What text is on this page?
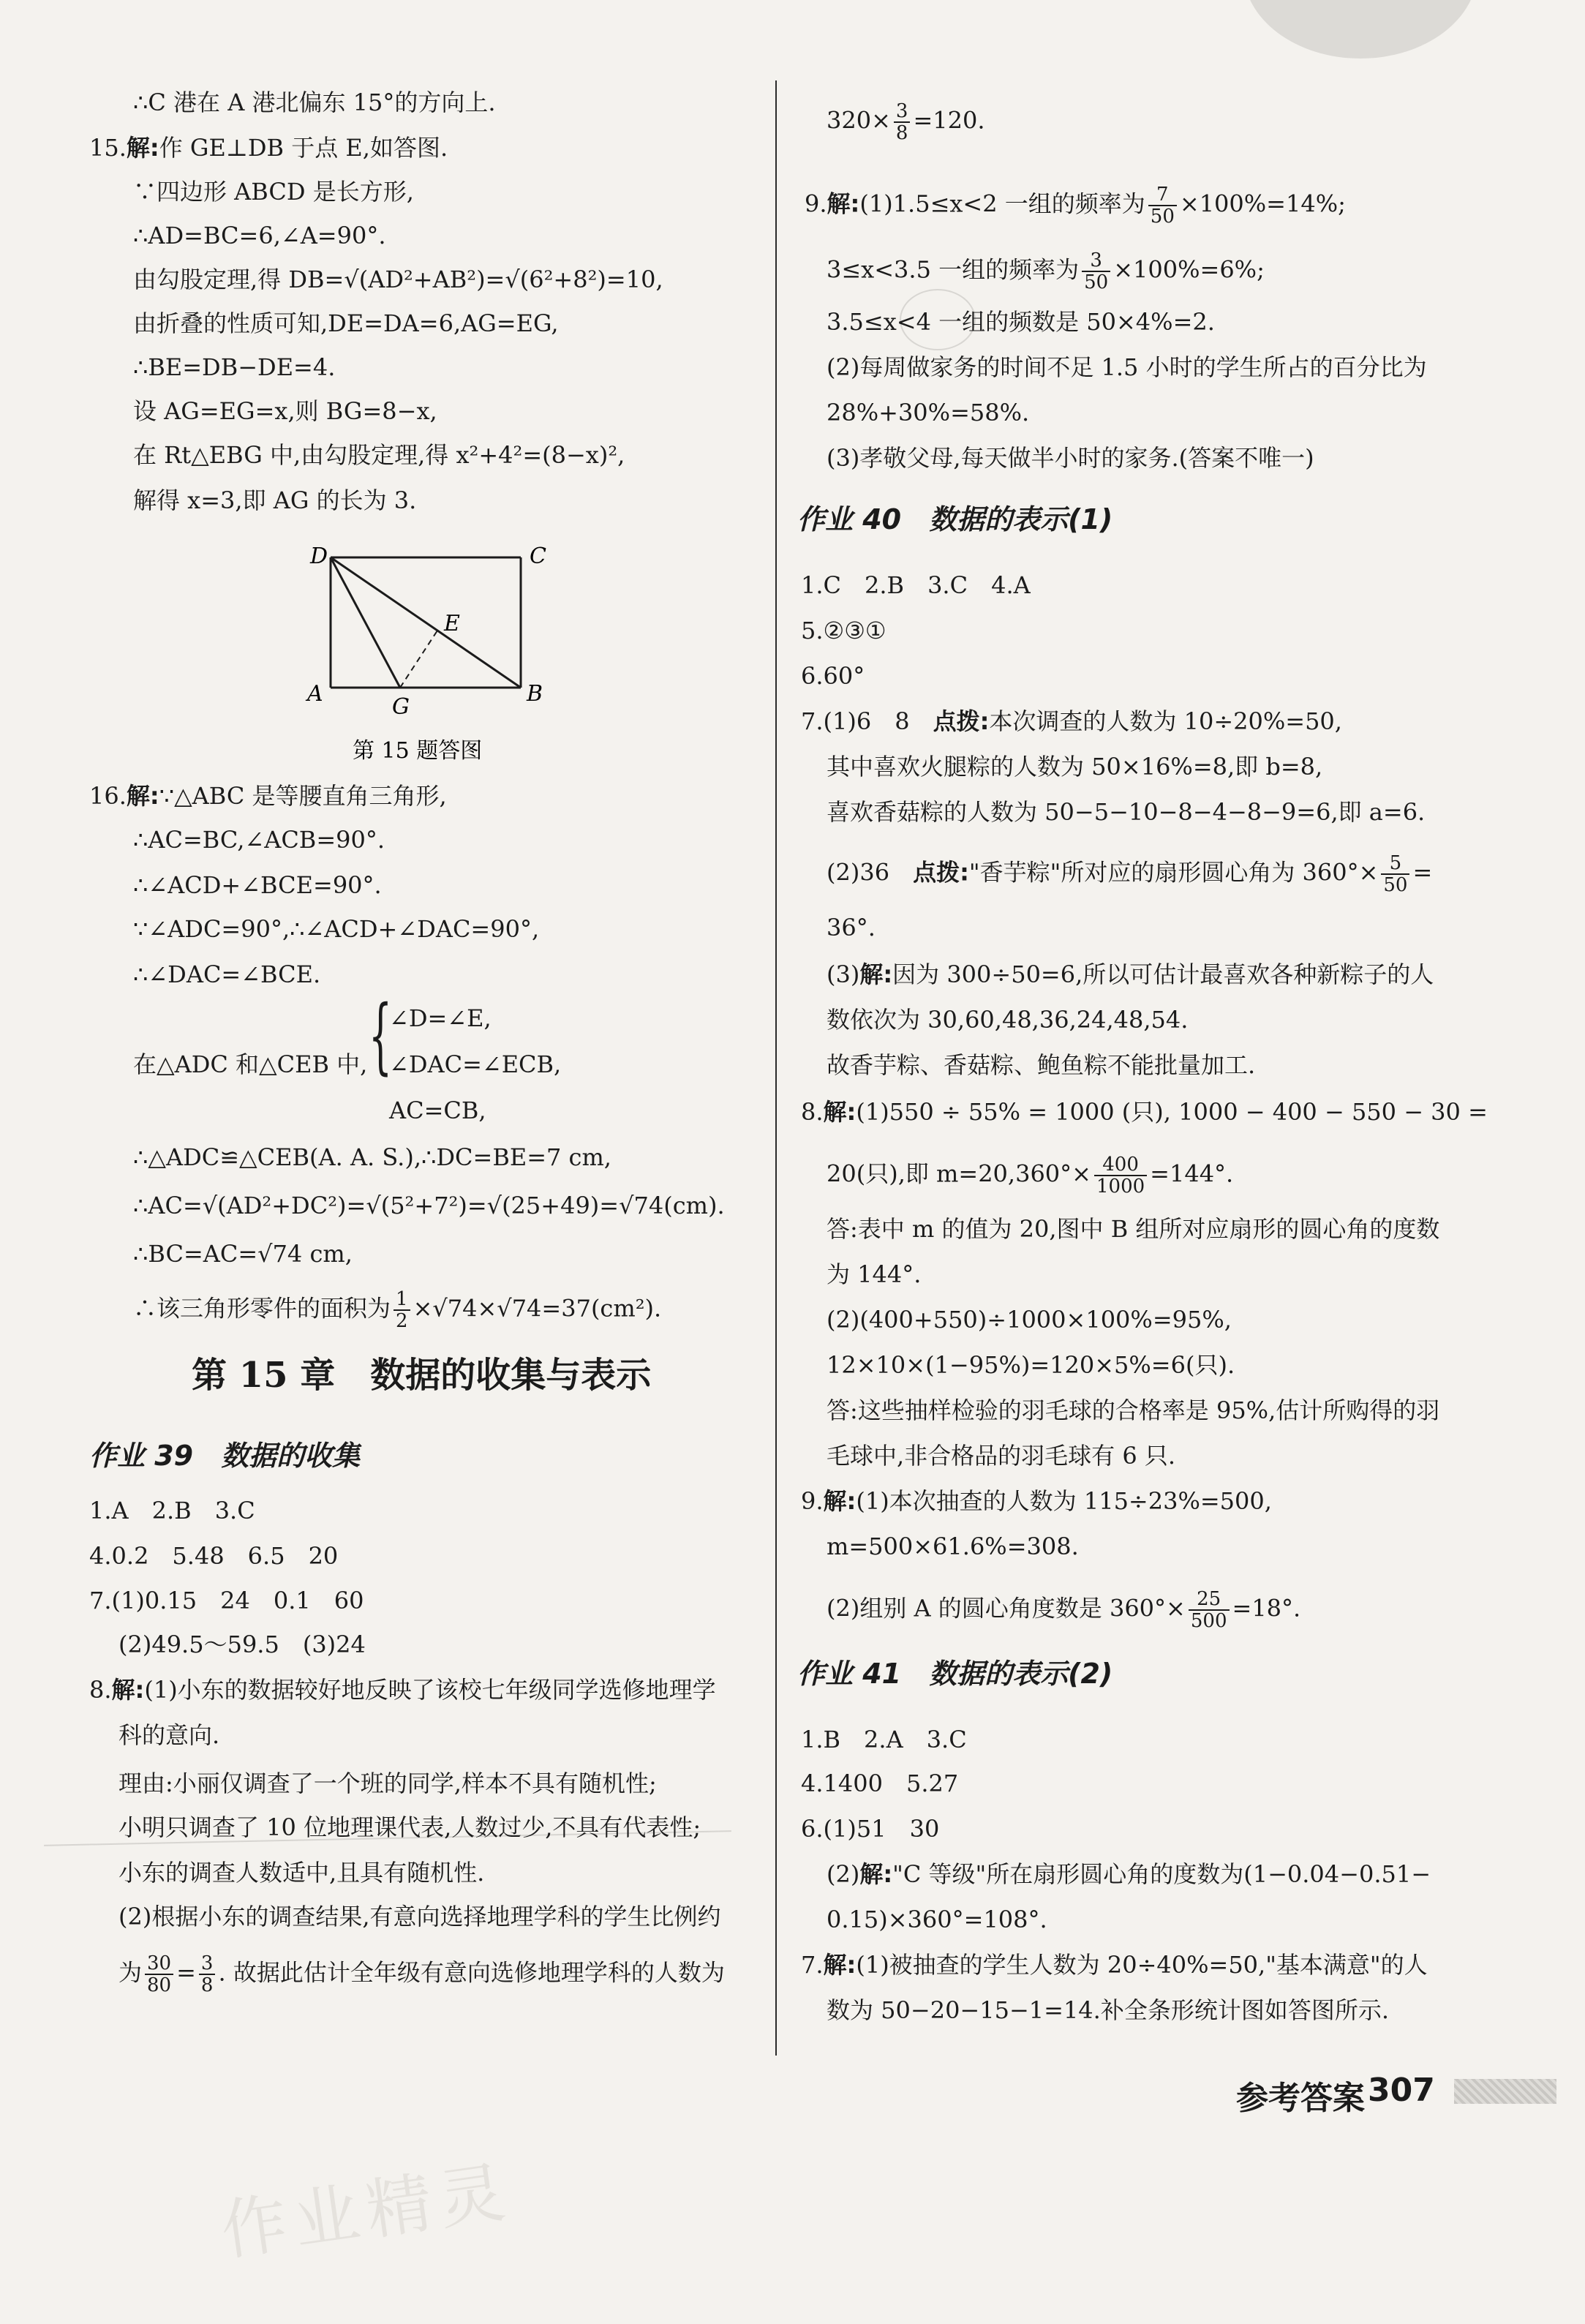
∴C 港在 A 港北偏东 15°的方向上.
15.解:作 GE⊥DB 于点 E,如答图.
∵四边形 ABCD 是长方形,
∴AD=BC=6,∠A=90°.
由勾股定理,得 DB=√(AD²+AB²)=√(6²+8²)=10,
由折叠的性质可知,DE=DA=6,AG=EG,
∴BE=DB−DE=4.
设 AG=EG=x,则 BG=8−x,
在 Rt△EBG 中,由勾股定理,得 x²+4²=(8−x)²,
解得 x=3,即 AG 的长为 3.
D	C
E
A
G
B
第 15 题答图
16.解:∵△ABC 是等腰直角三角形,
∴AC=BC,∠ACB=90°.
∴∠ACD+∠BCE=90°.
∵∠ADC=90°,∴∠ACD+∠DAC=90°,
∴∠DAC=∠BCE.
在△ADC 和△CEB 中, {
∠D=∠E,
∠DAC=∠ECB,
AC=CB,
∴△ADC≌△CEB(A. A. S.),∴DC=BE=7 cm,
∴AC=√(AD²+DC²)=√(5²+7²)=√(25+49)=√74(cm).
∴BC=AC=√74 cm,
∴该三角形零件的面积为 $\frac{1}{2} \times√74\times√74=37(cm^2)$.
第 15 章　数据的收集与表示
作业 39　数据的收集
1.A　2.B　3.C
4.0.2　5.48　6.5　20
7.(1)0.15　24　0.1　60
(2)49.5～59.5　(3)24
8.解:(1)小东的数据较好地反映了该校七年级同学选修地理学
科的意向.
理由:小丽仅调查了一个班的同学,样本不具有随机性;
小明只调查了 10 位地理课代表,人数过少,不具有代表性;
小东的调查人数适中,且具有随机性.
(2)根据小东的调查结果,有意向选择地理学科的学生比例约
为 $\frac{30}{80} = \frac{3}{8}$ . 故据此估计全年级有意向选修地理学科的人数为
$320\times \frac{3}{8} =120$.
9.解:(1)1.5≤x<2 一组的频率为 $\frac{7}{50} \times 100\%=14\%$;
3≤x<3.5 一组的频率为 $\frac{3}{50} \times 100\%=6\%$;
3.5≤x<4 一组的频数是 50×4%=2.
(2)每周做家务的时间不足 1.5 小时的学生所占的百分比为
28%+30%=58%.
(3)孝敬父母,每天做半小时的家务.(答案不唯一)
作业 40　数据的表示(1)
1.C　2.B　3.C　4.A
5.②③①
6.60°
7.(1)6　8　 点拨:本次调查的人数为 10÷20%=50,
其中喜欢火腿粽的人数为 50×16%=8,即 b=8,
喜欢香菇粽的人数为 50−5−10−8−4−8−9=6,即 a=6.
(2)36　 点拨:"香芋粽"所对应的扇形圆心角为 $360^\circ\times \frac{5}{50}$ =
36°.
(3)解:因为 300÷50=6,所以可估计最喜欢各种新粽子的人
数依次为 30,60,48,36,24,48,54.
故香芋粽、香菇粽、鲍鱼粽不能批量加工.
8.解:(1)550 ÷ 55% = 1000 (只), 1000 − 400 − 550 − 30 =
20(只),即 $m=20,360^\circ\times \frac{400}{1000} =144^\circ$.
答:表中 m 的值为 20,图中 B 组所对应扇形的圆心角的度数
为 144°.
(2)(400+550)÷1000×100%=95%,
12×10×(1−95%)=120×5%=6(只).
答:这些抽样检验的羽毛球的合格率是 95%,估计所购得的羽
毛球中,非合格品的羽毛球有 6 只.
9.解:(1)本次抽查的人数为 115÷23%=500,
m=500×61.6%=308.
(2)组别 A 的圆心角度数是 $360^\circ\times \frac{25}{500} =18^\circ$.
作业 41　数据的表示(2)
1.B　2.A　3.C
4.1400　5.27
6.(1)51　30
(2)解:"C 等级"所在扇形圆心角的度数为(1−0.04−0.51−
0.15)×360°=108°.
7.解:(1)被抽查的学生人数为 20÷40%=50,"基本满意"的人
数为 50−20−15−1=14.补全条形统计图如答图所示.
参考答案 307
作业精灵
